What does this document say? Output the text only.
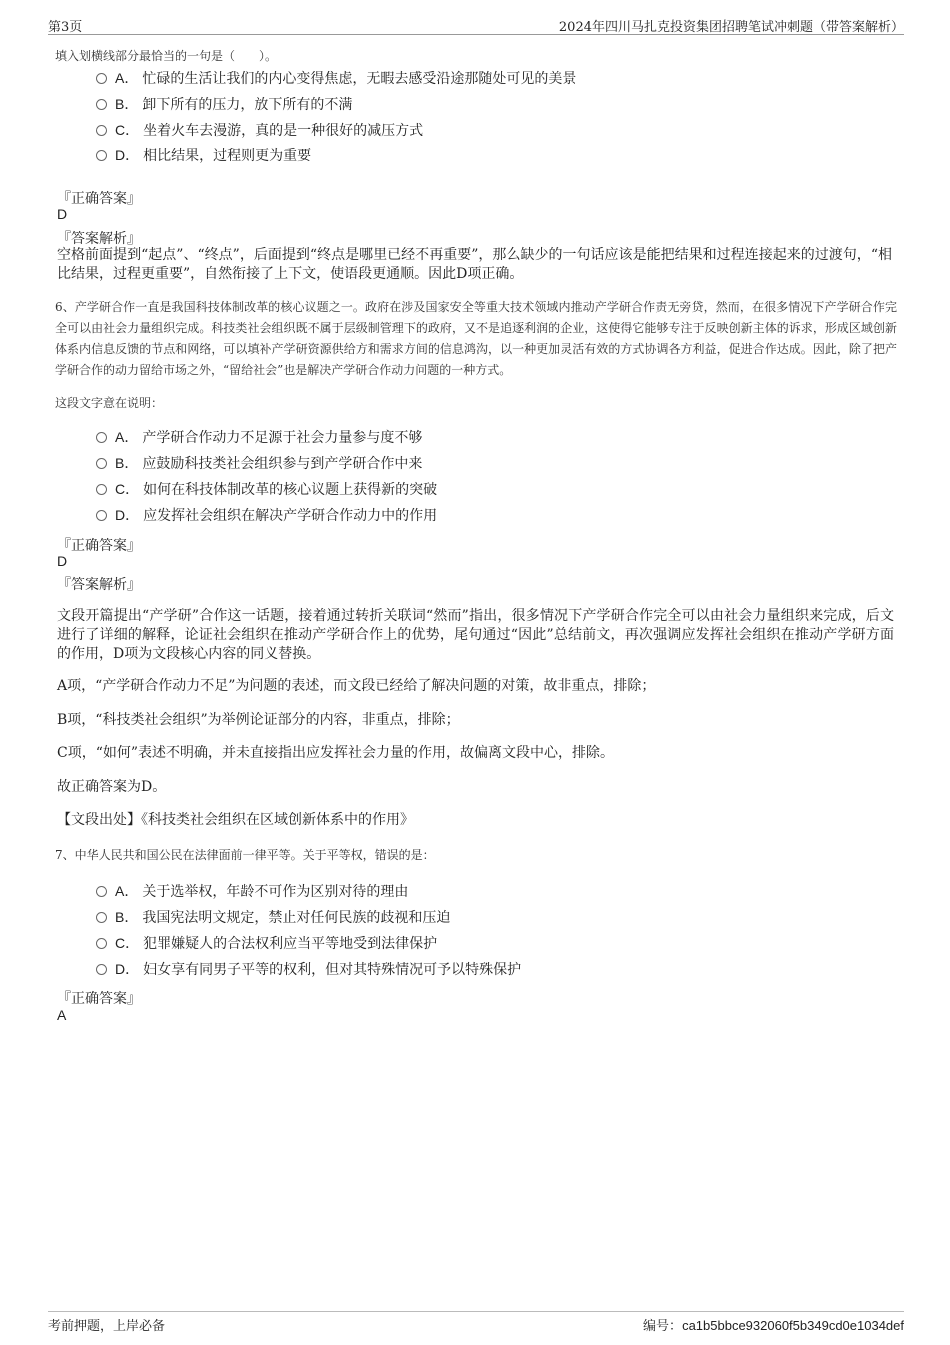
第3页	2024年四川马扎克投资集团招聘笔试冲刺题（带答案解析）
填入划横线部分最恰当的一句是（　　）。
A． 忙碌的生活让我们的内心变得焦虑，无暇去感受沿途那随处可见的美景
B． 卸下所有的压力，放下所有的不满
C． 坐着火车去漫游，真的是一种很好的减压方式
D． 相比结果，过程则更为重要
『正确答案』
D
『答案解析』
空格前面提到“起点”、“终点”，后面提到“终点是哪里已经不再重要”，那么缺少的一句话应该是能把结果和过程连接起来的过渡句，“相比结果，过程更重要”，自然衔接了上下文，使语段更通顺。因此D项正确。
6、产学研合作一直是我国科技体制改革的核心议题之一。政府在涉及国家安全等重大技术领域内推动产学研合作责无旁贷，然而，在很多情况下产学研合作完全可以由社会力量组织完成。科技类社会组织既不属于层级制管理下的政府，又不是追逐利润的企业，这使得它能够专注于反映创新主体的诉求，形成区域创新体系内信息反馈的节点和网络，可以填补产学研资源供给方和需求方间的信息鸿沟，以一种更加灵活有效的方式协调各方利益，促进合作达成。因此，除了把产学研合作的动力留给市场之外，“留给社会”也是解决产学研合作动力问题的一种方式。
这段文字意在说明：
A． 产学研合作动力不足源于社会力量参与度不够
B． 应鼓励科技类社会组织参与到产学研合作中来
C． 如何在科技体制改革的核心议题上获得新的突破
D． 应发挥社会组织在解决产学研合作动力中的作用
『正确答案』
D
『答案解析』
文段开篇提出“产学研”合作这一话题，接着通过转折关联词“然而”指出，很多情况下产学研合作完全可以由社会力量组织来完成，后文进行了详细的解释，论证社会组织在推动产学研合作上的优势，尾句通过“因此”总结前文，再次强调应发挥社会组织在推动产学研方面的作用，D项为文段核心内容的同义替换。
A项，“产学研合作动力不足”为问题的表述，而文段已经给了解决问题的对策，故非重点，排除；
B项，“科技类社会组织”为举例论证部分的内容，非重点，排除；
C项，“如何”表述不明确，并未直接指出应发挥社会力量的作用，故偏离文段中心，排除。
故正确答案为D。
【文段出处】《科技类社会组织在区域创新体系中的作用》
7、中华人民共和国公民在法律面前一律平等。关于平等权，错误的是：
A． 关于选举权，年龄不可作为区别对待的理由
B． 我国宪法明文规定，禁止对任何民族的歧视和压迫
C． 犯罪嫌疑人的合法权利应当平等地受到法律保护
D． 妇女享有同男子平等的权利，但对其特殊情况可予以特殊保护
『正确答案』
A
考前押题，上岸必备	编号：ca1b5bbce932060f5b349cd0e1034def
